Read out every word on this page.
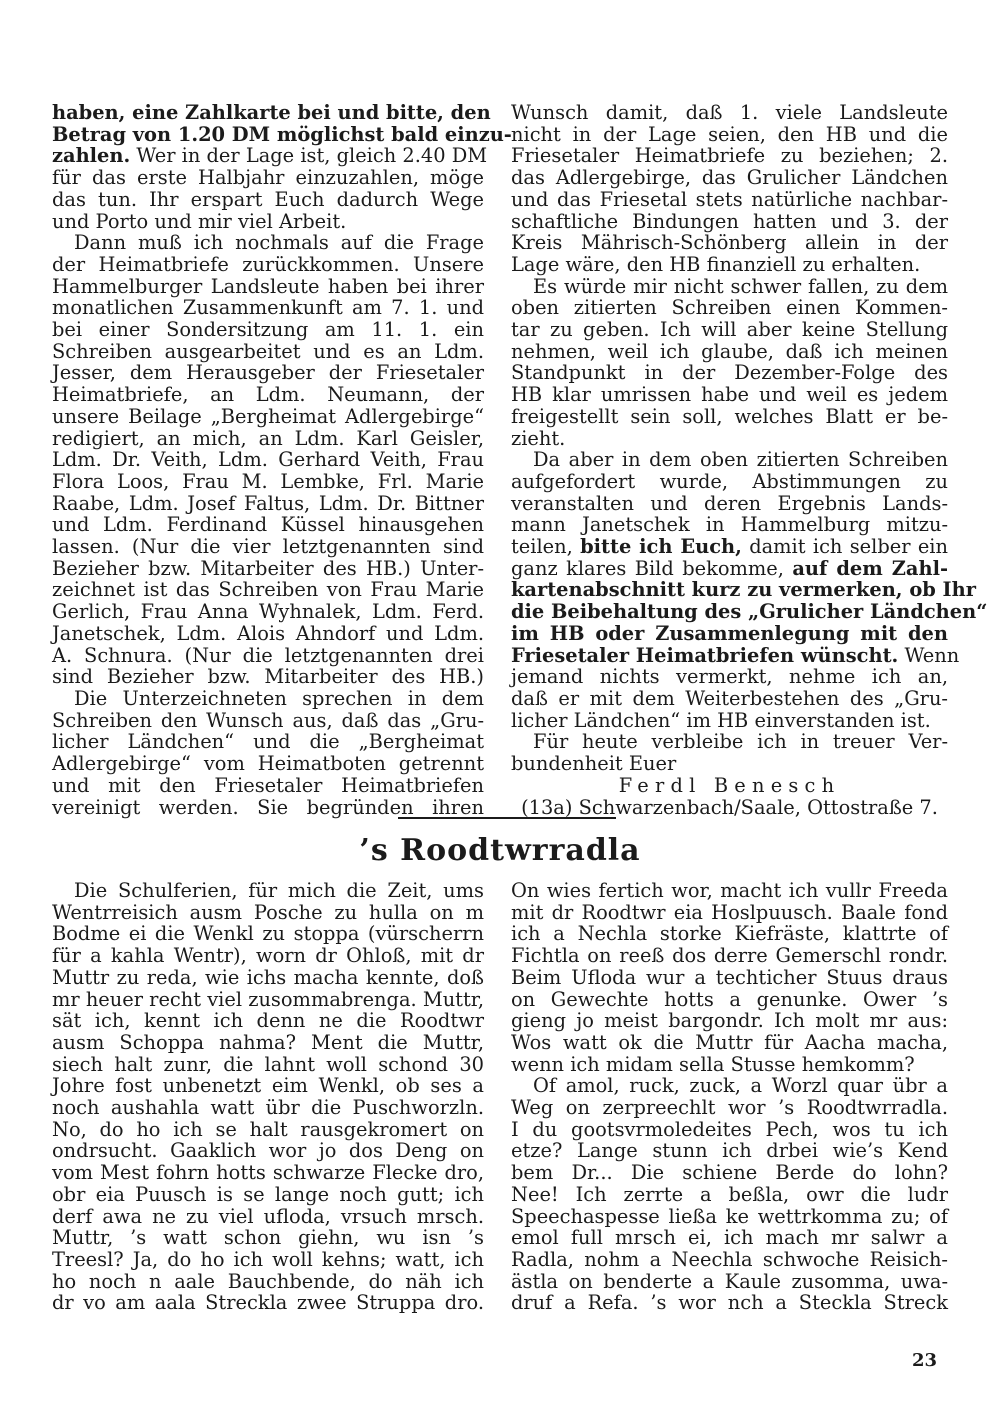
haben, eine Zahlkarte bei und bitte, den
Betrag von 1.20 DM möglichst bald einzu-
zahlen. Wer in der Lage ist, gleich 2.40 DM
für das erste Halbjahr einzuzahlen, möge
das tun. Ihr erspart Euch dadurch Wege
und Porto und mir viel Arbeit.
Dann muß ich nochmals auf die Frage
der Heimatbriefe zurückkommen. Unsere
Hammelburger Landsleute haben bei ihrer
monatlichen Zusammenkunft am 7. 1. und
bei einer Sondersitzung am 11. 1. ein
Schreiben ausgearbeitet und es an Ldm.
Jesser, dem Herausgeber der Friesetaler
Heimatbriefe, an Ldm. Neumann, der
unsere Beilage „Bergheimat Adlergebirge“
redigiert, an mich, an Ldm. Karl Geisler,
Ldm. Dr. Veith, Ldm. Gerhard Veith, Frau
Flora Loos, Frau M. Lembke, Frl. Marie
Raabe, Ldm. Josef Faltus, Ldm. Dr. Bittner
und Ldm. Ferdinand Küssel hinausgehen
lassen. (Nur die vier letztgenannten sind
Bezieher bzw. Mitarbeiter des HB.) Unter-
zeichnet ist das Schreiben von Frau Marie
Gerlich, Frau Anna Wyhnalek, Ldm. Ferd.
Janetschek, Ldm. Alois Ahndorf und Ldm.
A. Schnura. (Nur die letztgenannten drei
sind Bezieher bzw. Mitarbeiter des HB.)
Die Unterzeichneten sprechen in dem
Schreiben den Wunsch aus, daß das „Gru-
licher Ländchen“ und die „Bergheimat
Adlergebirge“ vom Heimatboten getrennt
und mit den Friesetaler Heimatbriefen
vereinigt werden. Sie begründen ihren
Wunsch damit, daß 1. viele Landsleute
nicht in der Lage seien, den HB und die
Friesetaler Heimatbriefe zu beziehen; 2.
das Adlergebirge, das Grulicher Ländchen
und das Friesetal stets natürliche nachbar-
schaftliche Bindungen hatten und 3. der
Kreis Mährisch-Schönberg allein in der
Lage wäre, den HB finanziell zu erhalten.
Es würde mir nicht schwer fallen, zu dem
oben zitierten Schreiben einen Kommen-
tar zu geben. Ich will aber keine Stellung
nehmen, weil ich glaube, daß ich meinen
Standpunkt in der Dezember-Folge des
HB klar umrissen habe und weil es jedem
freigestellt sein soll, welches Blatt er be-
zieht.
Da aber in dem oben zitierten Schreiben
aufgefordert wurde, Abstimmungen zu
veranstalten und deren Ergebnis Lands-
mann Janetschek in Hammelburg mitzu-
teilen, bitte ich Euch, damit ich selber ein
ganz klares Bild bekomme, auf dem Zahl-
kartenabschnitt kurz zu vermerken, ob Ihr
die Beibehaltung des „Grulicher Ländchen“
im HB oder Zusammenlegung mit den
Friesetaler Heimatbriefen wünscht. Wenn
jemand nichts vermerkt, nehme ich an,
daß er mit dem Weiterbestehen des „Gru-
licher Ländchen“ im HB einverstanden ist.
Für heute verbleibe ich in treuer Ver-
bundenheit Euer
Ferdl Benesch
(13a) Schwarzenbach/Saale, Ottostraße 7.
’s Roodtwrradla
Die Schulferien, für mich die Zeit, ums
Wentrreisich ausm Posche zu hulla on m
Bodme ei die Wenkl zu stoppa (vürscherrn
für a kahla Wentr), worn dr Ohloß, mit dr
Muttr zu reda, wie ichs macha kennte, doß
mr heuer recht viel zusommabrenga. Muttr,
sät ich, kennt ich denn ne die Roodtwr
ausm Schoppa nahma? Ment die Muttr,
siech halt zunr, die lahnt woll schond 30
Johre fost unbenetzt eim Wenkl, ob ses a
noch aushahla watt übr die Puschworzln.
No, do ho ich se halt rausgekromert on
ondrsucht. Gaaklich wor jo dos Deng on
vom Mest fohrn hotts schwarze Flecke dro,
obr eia Puusch is se lange noch gutt; ich
derf awa ne zu viel ufloda, vrsuch mrsch.
Muttr, ’s watt schon giehn, wu isn ’s
Treesl? Ja, do ho ich woll kehns; watt, ich
ho noch n aale Bauchbende, do näh ich
dr vo am aala Streckla zwee Struppa dro.
On wies fertich wor, macht ich vullr Freeda
mit dr Roodtwr eia Hoslpuusch. Baale fond
ich a Nechla storke Kiefräste, klattrte of
Fichtla on reeß dos derre Gemerschl rondr.
Beim Ufloda wur a techticher Stuus draus
on Gewechte hotts a genunke. Ower ’s
gieng jo meist bargondr. Ich molt mr aus:
Wos watt ok die Muttr für Aacha macha,
wenn ich midam sella Stusse hemkomm?
Of amol, ruck, zuck, a Worzl quar übr a
Weg on zerpreechlt wor ’s Roodtwrradla.
I du gootsvrmoledeites Pech, wos tu ich
etze? Lange stunn ich drbei wie’s Kend
bem Dr... Die schiene Berde do lohn?
Nee! Ich zerrte a beßla, owr die ludr
Speechaspesse ließa ke wettrkomma zu; of
emol full mrsch ei, ich mach mr salwr a
Radla, nohm a Neechla schwoche Reisich-
ästla on benderte a Kaule zusomma, uwa-
druf a Refa. ’s wor nch a Steckla Streck
23
